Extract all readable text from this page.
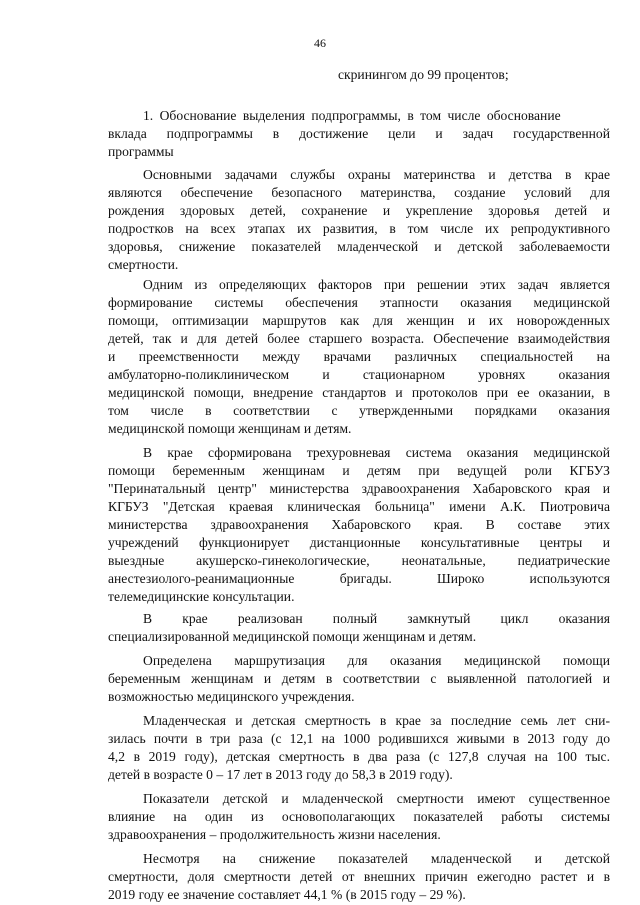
46
скринингом до 99 процентов;
1. Обоснование выделения подпрограммы, в том числе обоснование
вклада подпрограммы в достижение цели и задач государственной
программы
Основными задачами службы охраны материнства и детства в крае
являются обеспечение безопасного материнства, создание условий для
рождения здоровых детей, сохранение и укрепление здоровья детей и
подростков на всех этапах их развития, в том числе их репродуктивного
здоровья, снижение показателей младенческой и детской заболеваемости
смертности.
Одним из определяющих факторов при решении этих задач является
формирование системы обеспечения этапности оказания медицинской
помощи, оптимизации маршрутов как для женщин и их новорожденных
детей, так и для детей более старшего возраста. Обеспечение взаимодействия
и преемственности между врачами различных специальностей на
амбулаторно-поликлиническом и стационарном уровнях оказания
медицинской помощи, внедрение стандартов и протоколов при ее оказании, в
том числе в соответствии с утвержденными порядками оказания
медицинской помощи женщинам и детям.
В крае сформирована трехуровневая система оказания медицинской
помощи беременным женщинам и детям при ведущей роли КГБУЗ
"Перинатальный центр" министерства здравоохранения Хабаровского края и
КГБУЗ "Детская краевая клиническая больница" имени А.К. Пиотровича
министерства здравоохранения Хабаровского края. В составе этих
учреждений функционирует дистанционные консультативные центры и
выездные акушерско-гинекологические, неонатальные, педиатрические
анестезиолого-реанимационные бригады. Широко используются
телемедицинские консультации.
В крае реализован полный замкнутый цикл оказания
специализированной медицинской помощи женщинам и детям.
Определена маршрутизация для оказания медицинской помощи
беременным женщинам и детям в соответствии с выявленной патологией и
возможностью медицинского учреждения.
Младенческая и детская смертность в крае за последние семь лет сни-
зилась почти в три раза (с 12,1 на 1000 родившихся живыми в 2013 году до
4,2 в 2019 году), детская смертность в два раза (с 127,8 случая на 100 тыс.
детей в возрасте 0 – 17 лет в 2013 году до 58,3 в 2019 году).
Показатели детской и младенческой смертности имеют существенное
влияние на один из основополагающих показателей работы системы
здравоохранения – продолжительность жизни населения.
Несмотря на снижение показателей младенческой и детской
смертности, доля смертности детей от внешних причин ежегодно растет и в
2019 году ее значение составляет 44,1 % (в 2015 году – 29 %).
